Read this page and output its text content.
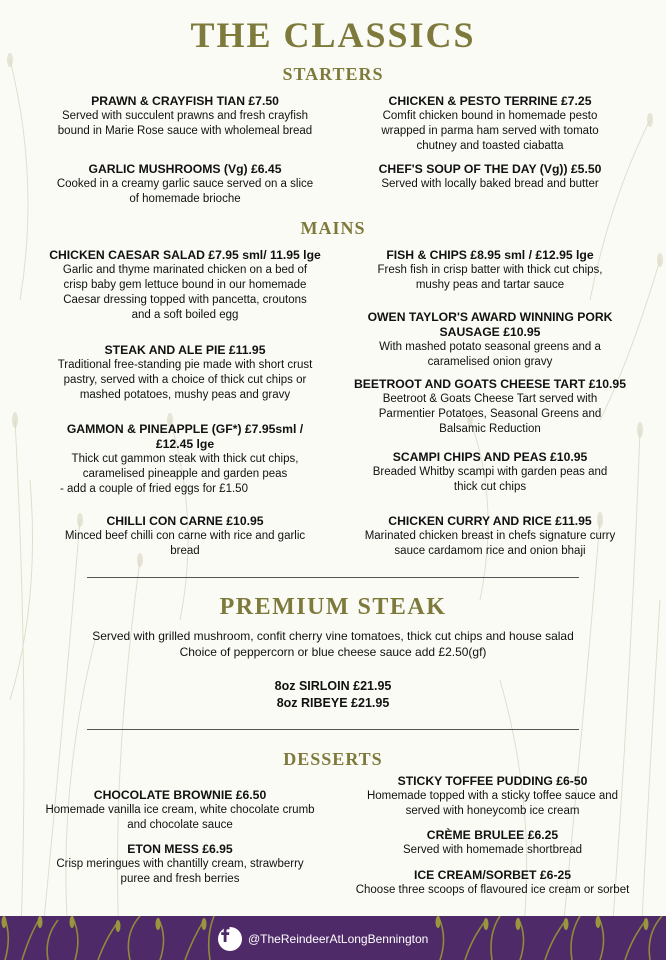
THE CLASSICS
STARTERS

PRAWN & CRAYFISH TIAN £7.50

Served with succulent prawns and fresh crayfish

bound in Marie Rose sauce with wholemeal bread

GARLIC MUSHROOMS (Vg) £6.45

Cooked in a creamy garlic sauce served on a slice

of homemade brioche

CHICKEN & PESTO TERRINE £7.25

Comfit chicken bound in homemade pesto

wrapped in parma ham served with tomato

chutney and toasted ciabatta

CHEF'S SOUP OF THE DAY (Vg)) £5.50

Served with locally baked bread and butter

MAINS

CHICKEN CAESAR SALAD £7.95 sml/ 11.95 lge

Garlic and thyme marinated chicken on a bed of

crisp baby gem lettuce bound in our homemade

Caesar dressing topped with pancetta, croutons

and a soft boiled egg

STEAK AND ALE PIE £11.95

Traditional free-standing pie made with short crust

pastry, served with a choice of thick cut chips or

mashed potatoes, mushy peas and gravy

GAMMON & PINEAPPLE (GF*) £7.95sml /

£12.45 lge

Thick cut gammon steak with thick cut chips,

caramelised pineapple and garden peas

- add a couple of fried eggs for £1.50

CHILLI CON CARNE £10.95

Minced beef chilli con carne with rice and garlic

bread

FISH & CHIPS £8.95 sml / £12.95 lge

Fresh fish in crisp batter with thick cut chips,

mushy peas and tartar sauce

OWEN TAYLOR'S AWARD WINNING PORK

SAUSAGE £10.95

With mashed potato seasonal greens and a

caramelised onion gravy

BEETROOT AND GOATS CHEESE TART £10.95

Beetroot & Goats Cheese Tart served with

Parmentier Potatoes, Seasonal Greens and

Balsamic Reduction

SCAMPI CHIPS AND PEAS £10.95

Breaded Whitby scampi with garden peas and

thick cut chips

CHICKEN CURRY AND RICE £11.95

Marinated chicken breast in chefs signature curry

sauce cardamom rice and onion bhaji

PREMIUM STEAK

Served with grilled mushroom, confit cherry vine tomatoes, thick cut chips and house salad

Choice of peppercorn or blue cheese sauce add £2.50(gf)

8oz SIRLOIN £21.95

8oz RIBEYE £21.95

DESSERTS

CHOCOLATE BROWNIE £6.50

Homemade vanilla ice cream, white chocolate crumb

and chocolate sauce

ETON MESS £6.95

Crisp meringues with chantilly cream, strawberry

puree and fresh berries

STICKY TOFFEE PUDDING £6-50

Homemade topped with a sticky toffee sauce and

served with honeycomb ice cream

CRÈME BRULEE £6.25

Served with homemade shortbread

ICE CREAM/SORBET £6-25

Choose three scoops of flavoured ice cream or sorbet

@TheReindeerAtLongBennington
